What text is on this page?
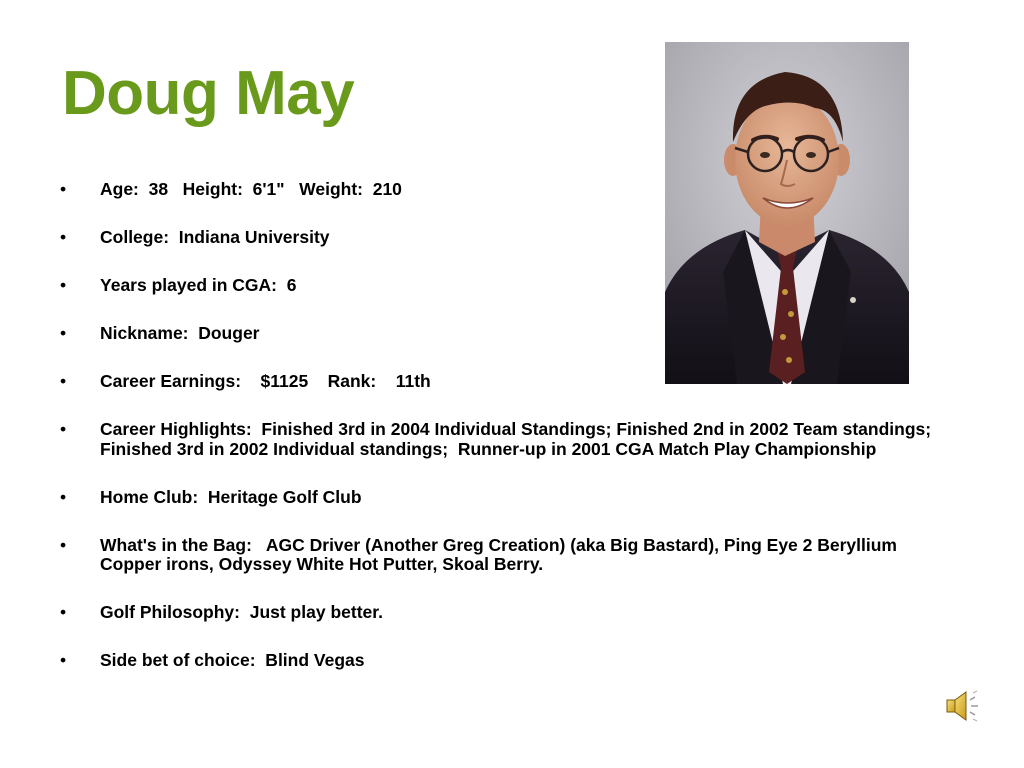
Doug May
• Age:  38   Height:  6'1"   Weight:  210
• College:  Indiana University
• Years played in CGA:  6
• Nickname:  Douger
• Career Earnings:    $1125    Rank:    11th
• Career Highlights:  Finished 3rd in 2004 Individual Standings; Finished 2nd in 2002 Team standings; Finished 3rd in 2002 Individual standings;  Runner-up in 2001 CGA Match Play Championship
• Home Club:  Heritage Golf Club
• What's in the Bag:   AGC Driver (Another Greg Creation) (aka Big Bastard), Ping Eye 2 Beryllium Copper irons, Odyssey White Hot Putter, Skoal Berry.
• Golf Philosophy:  Just play better.
• Side bet of choice:  Blind Vegas
